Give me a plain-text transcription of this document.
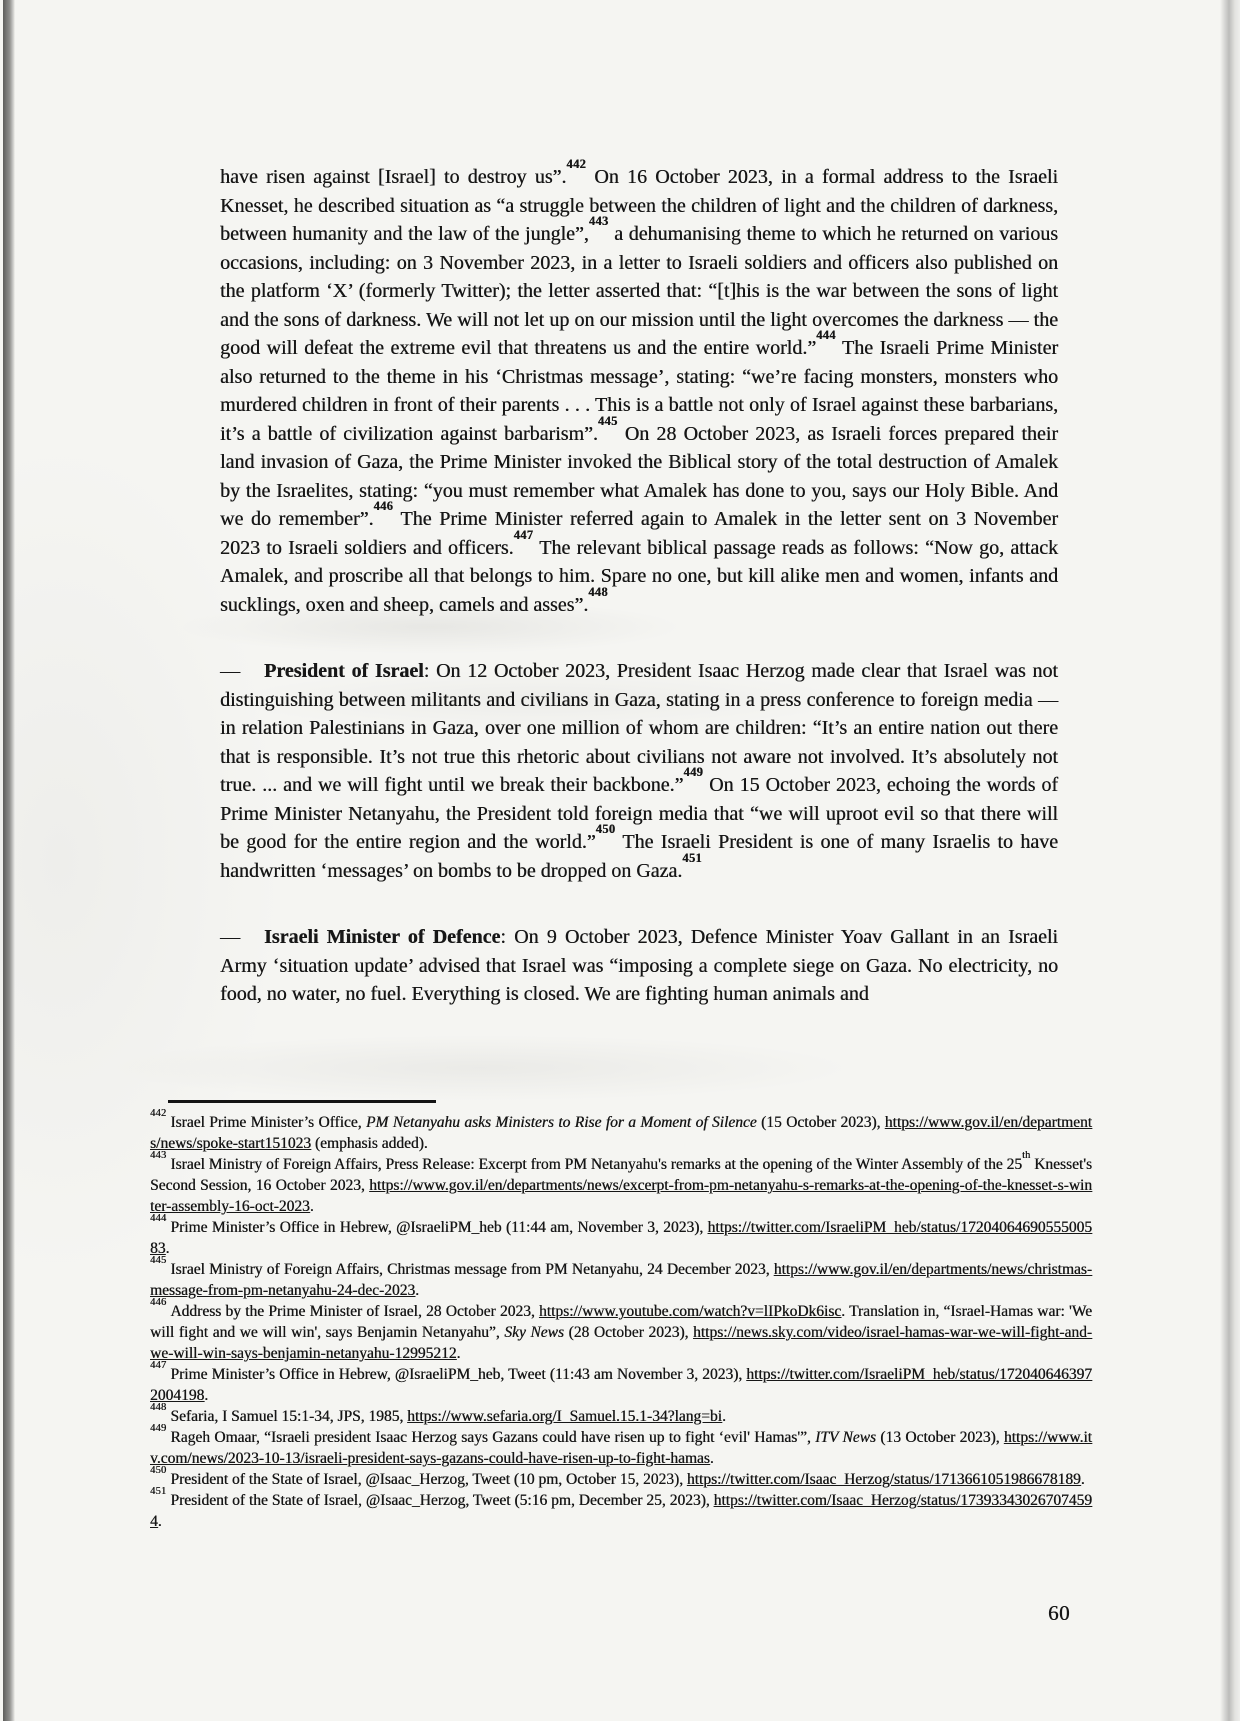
have risen against [Israel] to destroy us”.$^{442}$ On 16 October 2023, in a formal address to the Israeli Knesset, he described situation as “a struggle between the children of light and the children of darkness, between humanity and the law of the jungle”,$^{443}$ a dehumanising theme to which he returned on various occasions, including: on 3 November 2023, in a letter to Israeli soldiers and officers also published on the platform ‘X’ (formerly Twitter); the letter asserted that: “[t]his is the war between the sons of light and the sons of darkness. We will not let up on our mission until the light overcomes the darkness — the good will defeat the extreme evil that threatens us and the entire world.”$^{444}$ The Israeli Prime Minister also returned to the theme in his ‘Christmas message’, stating: “we’re facing monsters, monsters who murdered children in front of their parents . . . This is a battle not only of Israel against these barbarians, it’s a battle of civilization against barbarism”.$^{445}$ On 28 October 2023, as Israeli forces prepared their land invasion of Gaza, the Prime Minister invoked the Biblical story of the total destruction of Amalek by the Israelites, stating: “you must remember what Amalek has done to you, says our Holy Bible. And we do remember”.$^{446}$ The Prime Minister referred again to Amalek in the letter sent on 3 November 2023 to Israeli soldiers and officers.$^{447}$ The relevant biblical passage reads as follows: “Now go, attack Amalek, and proscribe all that belongs to him. Spare no one, but kill alike men and women, infants and sucklings, oxen and sheep, camels and asses”.$^{448}$

— President of Israel: On 12 October 2023, President Isaac Herzog made clear that Israel was not distinguishing between militants and civilians in Gaza, stating in a press conference to foreign media — in relation Palestinians in Gaza, over one million of whom are children: “It’s an entire nation out there that is responsible. It’s not true this rhetoric about civilians not aware not involved. It’s absolutely not true. ... and we will fight until we break their backbone.”$^{449}$ On 15 October 2023, echoing the words of Prime Minister Netanyahu, the President told foreign media that “we will uproot evil so that there will be good for the entire region and the world.”$^{450}$ The Israeli President is one of many Israelis to have handwritten ‘messages’ on bombs to be dropped on Gaza.$^{451}$

— Israeli Minister of Defence: On 9 October 2023, Defence Minister Yoav Gallant in an Israeli Army ‘situation update’ advised that Israel was “imposing a complete siege on Gaza. No electricity, no food, no water, no fuel. Everything is closed. We are fighting human animals and

$^{442}$Israel Prime Minister’s Office, PM Netanyahu asks Ministers to Rise for a Moment of Silence (15 October 2023), https://www.gov.il/en/departments/news/spoke-start151023 (emphasis added).
$^{443}$Israel Ministry of Foreign Affairs, Press Release: Excerpt from PM Netanyahu's remarks at the opening of the Winter Assembly of the 25th Knesset's Second Session, 16 October 2023, https://www.gov.il/en/departments/news/excerpt-from-pm-netanyahu-s-remarks-at-the-opening-of-the-knesset-s-winter-assembly-16-oct-2023.
$^{444}$Prime Minister’s Office in Hebrew, @IsraeliPM_heb (11:44 am, November 3, 2023), https://twitter.com/IsraeliPM_heb/status/1720406469055500583.
$^{445}$Israel Ministry of Foreign Affairs, Christmas message from PM Netanyahu, 24 December 2023, https://www.gov.il/en/departments/news/christmas-message-from-pm-netanyahu-24-dec-2023.
$^{446}$Address by the Prime Minister of Israel, 28 October 2023, https://www.youtube.com/watch?v=lIPkoDk6isc. Translation in, “Israel-Hamas war: 'We will fight and we will win', says Benjamin Netanyahu”, Sky News (28 October 2023), https://news.sky.com/video/israel-hamas-war-we-will-fight-and-we-will-win-says-benjamin-netanyahu-12995212.
$^{447}$Prime Minister’s Office in Hebrew, @IsraeliPM_heb, Tweet (11:43 am November 3, 2023), https://twitter.com/IsraeliPM_heb/status/1720406463972004198.
$^{448}$Sefaria, I Samuel 15:1-34, JPS, 1985, https://www.sefaria.org/I_Samuel.15.1-34?lang=bi.
$^{449}$Rageh Omaar, “Israeli president Isaac Herzog says Gazans could have risen up to fight ‘evil' Hamas'”, ITV News (13 October 2023), https://www.itv.com/news/2023-10-13/israeli-president-says-gazans-could-have-risen-up-to-fight-hamas.
$^{450}$President of the State of Israel, @Isaac_Herzog, Tweet (10 pm, October 15, 2023), https://twitter.com/Isaac_Herzog/status/1713661051986678189.
$^{451}$President of the State of Israel, @Isaac_Herzog, Tweet (5:16 pm, December 25, 2023), https://twitter.com/Isaac_Herzog/status/173933430267074594.
60
